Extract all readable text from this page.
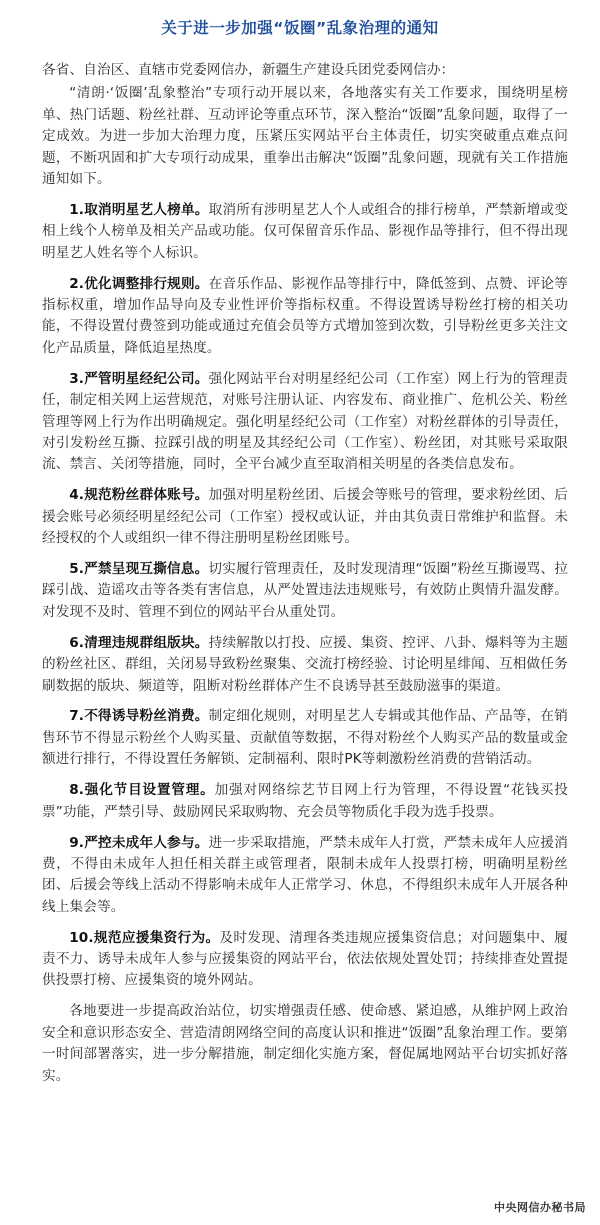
关于进一步加强“饭圈”乱象治理的通知

各省、自治区、直辖市党委网信办，新疆生产建设兵团党委网信办：

“清朗·‘饭圈’乱象整治”专项行动开展以来，各地落实有关工作要求，围绕明星榜单、热门话题、粉丝社群、互动评论等重点环节，深入整治“饭圈”乱象问题，取得了一定成效。为进一步加大治理力度，压紧压实网站平台主体责任，切实突破重点难点问题，不断巩固和扩大专项行动成果，重拳出击解决“饭圈”乱象问题，现就有关工作措施通知如下。

1.取消明星艺人榜单。取消所有涉明星艺人个人或组合的排行榜单，严禁新增或变相上线个人榜单及相关产品或功能。仅可保留音乐作品、影视作品等排行，但不得出现明星艺人姓名等个人标识。

2.优化调整排行规则。在音乐作品、影视作品等排行中，降低签到、点赞、评论等指标权重，增加作品导向及专业性评价等指标权重。不得设置诱导粉丝打榜的相关功能，不得设置付费签到功能或通过充值会员等方式增加签到次数，引导粉丝更多关注文化产品质量，降低追星热度。

3.严管明星经纪公司。强化网站平台对明星经纪公司（工作室）网上行为的管理责任，制定相关网上运营规范，对账号注册认证、内容发布、商业推广、危机公关、粉丝管理等网上行为作出明确规定。强化明星经纪公司（工作室）对粉丝群体的引导责任，对引发粉丝互撕、拉踩引战的明星及其经纪公司（工作室）、粉丝团，对其账号采取限流、禁言、关闭等措施，同时，全平台减少直至取消相关明星的各类信息发布。

4.规范粉丝群体账号。加强对明星粉丝团、后援会等账号的管理，要求粉丝团、后援会账号必须经明星经纪公司（工作室）授权或认证，并由其负责日常维护和监督。未经授权的个人或组织一律不得注册明星粉丝团账号。

5.严禁呈现互撕信息。切实履行管理责任，及时发现清理“饭圈”粉丝互撕谩骂、拉踩引战、造谣攻击等各类有害信息，从严处置违法违规账号，有效防止舆情升温发酵。对发现不及时、管理不到位的网站平台从重处罚。

6.清理违规群组版块。持续解散以打投、应援、集资、控评、八卦、爆料等为主题的粉丝社区、群组，关闭易导致粉丝聚集、交流打榜经验、讨论明星绯闻、互相做任务刷数据的版块、频道等，阻断对粉丝群体产生不良诱导甚至鼓励滋事的渠道。

7.不得诱导粉丝消费。制定细化规则，对明星艺人专辑或其他作品、产品等，在销售环节不得显示粉丝个人购买量、贡献值等数据，不得对粉丝个人购买产品的数量或金额进行排行，不得设置任务解锁、定制福利、限时PK等刺激粉丝消费的营销活动。

8.强化节目设置管理。加强对网络综艺节目网上行为管理，不得设置“花钱买投票”功能，严禁引导、鼓励网民采取购物、充会员等物质化手段为选手投票。

9.严控未成年人参与。进一步采取措施，严禁未成年人打赏，严禁未成年人应援消费，不得由未成年人担任相关群主或管理者，限制未成年人投票打榜，明确明星粉丝团、后援会等线上活动不得影响未成年人正常学习、休息，不得组织未成年人开展各种线上集会等。

10.规范应援集资行为。及时发现、清理各类违规应援集资信息；对问题集中、履责不力、诱导未成年人参与应援集资的网站平台，依法依规处置处罚；持续排查处置提供投票打榜、应援集资的境外网站。

各地要进一步提高政治站位，切实增强责任感、使命感、紧迫感，从维护网上政治安全和意识形态安全、营造清朗网络空间的高度认识和推进“饭圈”乱象治理工作。要第一时间部署落实，进一步分解措施，制定细化实施方案，督促属地网站平台切实抓好落实。

中央网信办秘书局
